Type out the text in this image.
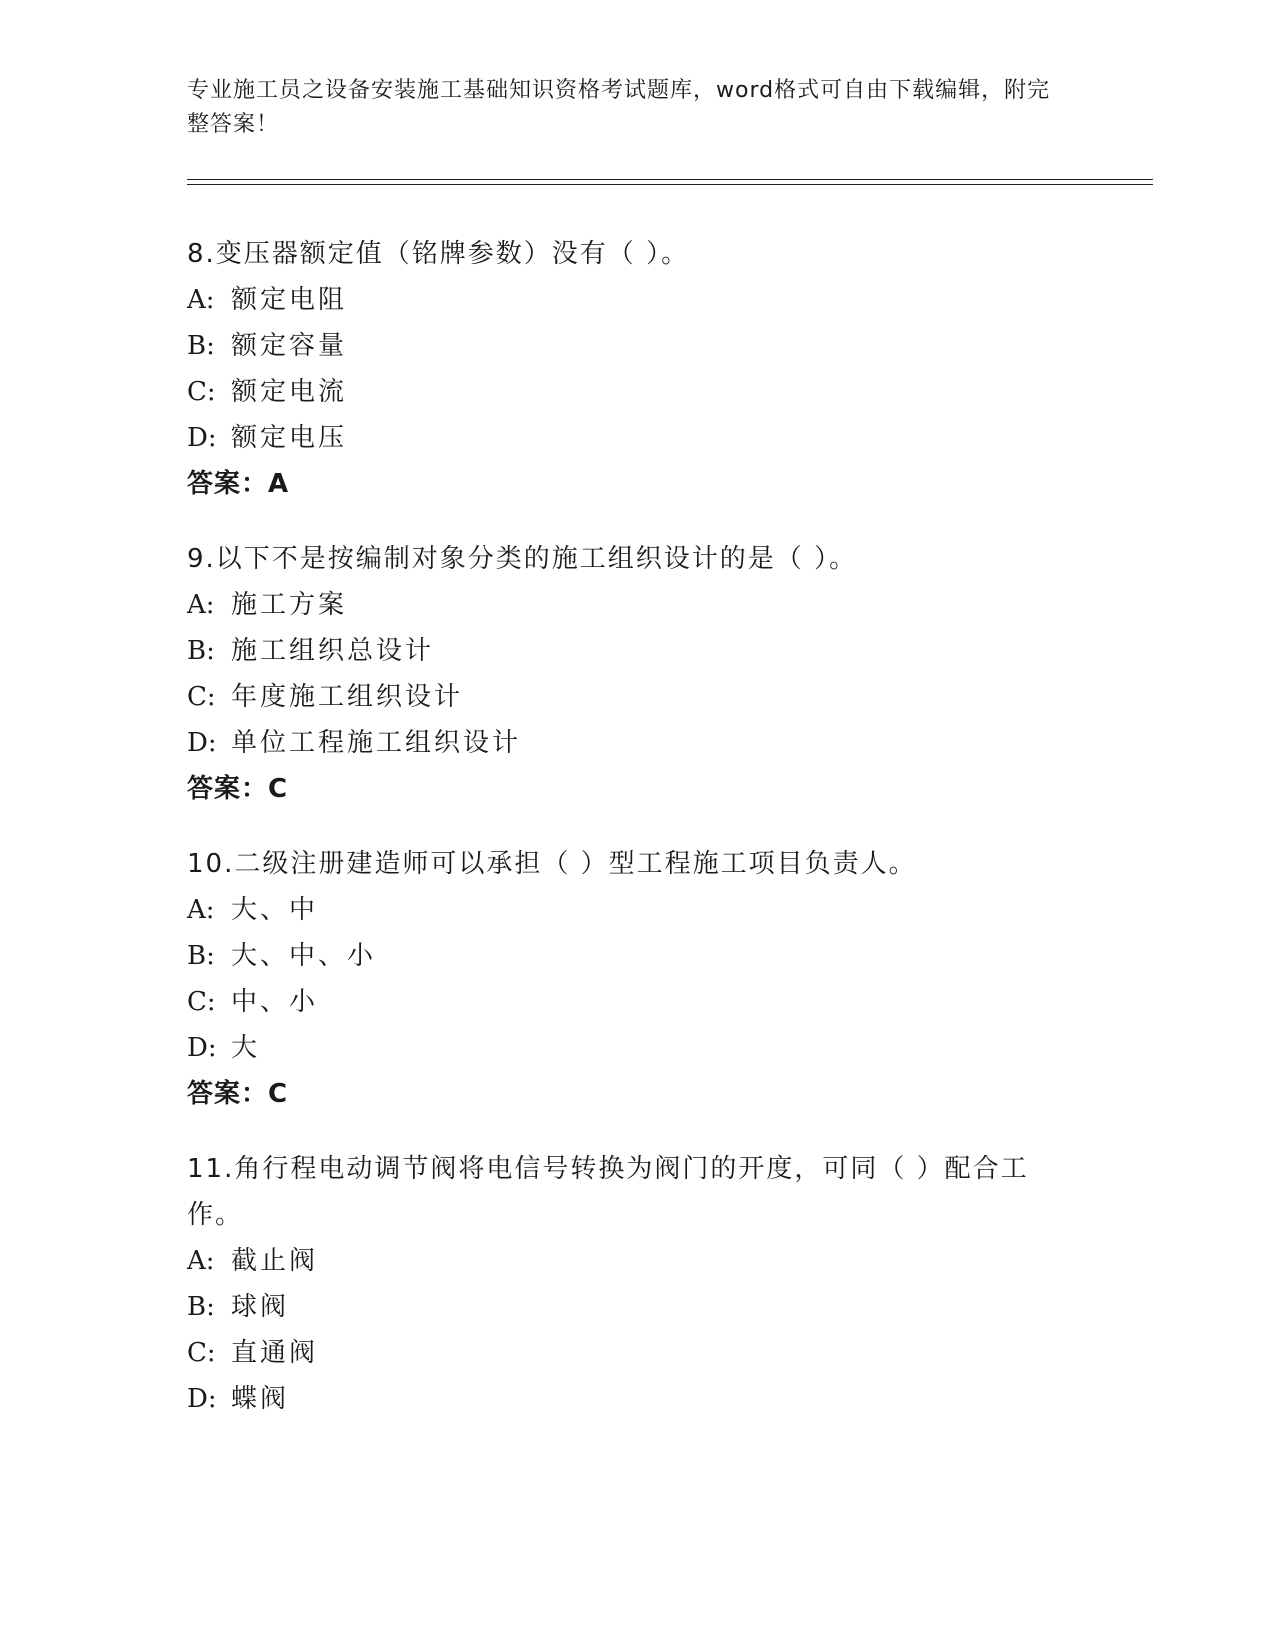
专业施工员之设备安装施工基础知识资格考试题库，word格式可自由下载编辑，附完整答案！
8.变压器额定值（铭牌参数）没有（ ）。
A: 额定电阻
B: 额定容量
C: 额定电流
D: 额定电压
答案：A
9.以下不是按编制对象分类的施工组织设计的是（ ）。
A: 施工方案
B: 施工组织总设计
C: 年度施工组织设计
D: 单位工程施工组织设计
答案：C
10.二级注册建造师可以承担（ ）型工程施工项目负责人。
A: 大、中
B: 大、中、小
C: 中、小
D: 大
答案：C
11.角行程电动调节阀将电信号转换为阀门的开度，可同（ ）配合工作。
A: 截止阀
B: 球阀
C: 直通阀
D: 蝶阀
